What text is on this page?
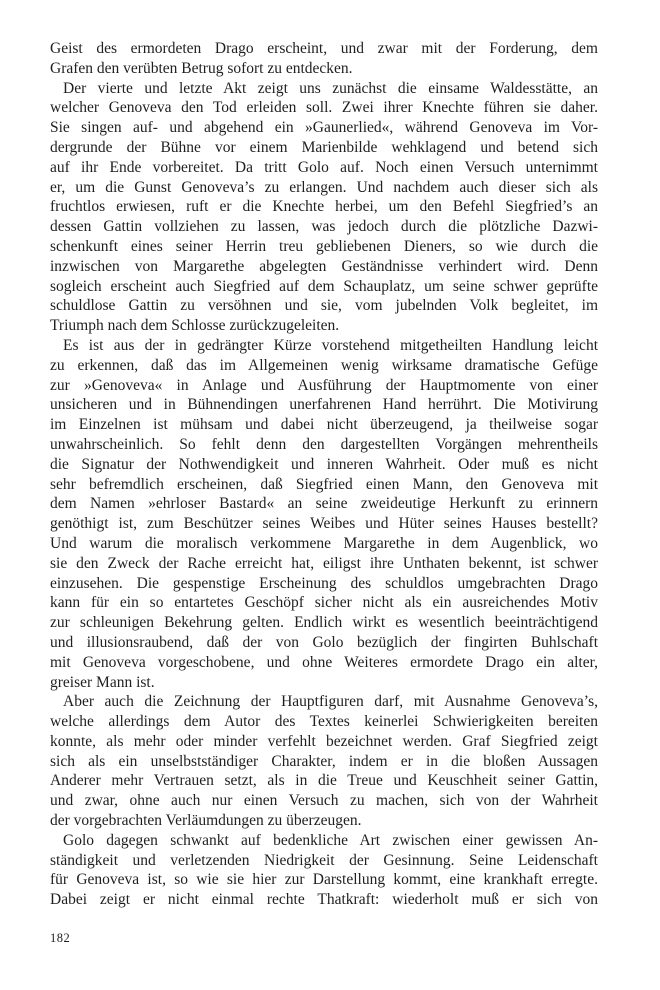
Geist des ermordeten Drago erscheint, und zwar mit der Forderung, dem
Grafen den verübten Betrug sofort zu entdecken.
Der vierte und letzte Akt zeigt uns zunächst die einsame Waldesstätte, an
welcher Genoveva den Tod erleiden soll. Zwei ihrer Knechte führen sie daher.
Sie singen auf- und abgehend ein »Gaunerlied«, während Genoveva im Vor-
dergrunde der Bühne vor einem Marienbilde wehklagend und betend sich
auf ihr Ende vorbereitet. Da tritt Golo auf. Noch einen Versuch unternimmt
er, um die Gunst Genoveva’s zu erlangen. Und nachdem auch dieser sich als
fruchtlos erwiesen, ruft er die Knechte herbei, um den Befehl Siegfried’s an
dessen Gattin vollziehen zu lassen, was jedoch durch die plötzliche Dazwi-
schenkunft eines seiner Herrin treu gebliebenen Dieners, so wie durch die
inzwischen von Margarethe abgelegten Geständnisse verhindert wird. Denn
sogleich erscheint auch Siegfried auf dem Schauplatz, um seine schwer geprüfte
schuldlose Gattin zu versöhnen und sie, vom jubelnden Volk begleitet, im
Triumph nach dem Schlosse zurückzugeleiten.
Es ist aus der in gedrängter Kürze vorstehend mitgetheilten Handlung leicht
zu erkennen, daß das im Allgemeinen wenig wirksame dramatische Gefüge
zur »Genoveva« in Anlage und Ausführung der Hauptmomente von einer
unsicheren und in Bühnendingen unerfahrenen Hand herrührt. Die Motivirung
im Einzelnen ist mühsam und dabei nicht überzeugend, ja theilweise sogar
unwahrscheinlich. So fehlt denn den dargestellten Vorgängen mehrentheils
die Signatur der Nothwendigkeit und inneren Wahrheit. Oder muß es nicht
sehr befremdlich erscheinen, daß Siegfried einen Mann, den Genoveva mit
dem Namen »ehrloser Bastard« an seine zweideutige Herkunft zu erinnern
genöthigt ist, zum Beschützer seines Weibes und Hüter seines Hauses bestellt?
Und warum die moralisch verkommene Margarethe in dem Augenblick, wo
sie den Zweck der Rache erreicht hat, eiligst ihre Unthaten bekennt, ist schwer
einzusehen. Die gespenstige Erscheinung des schuldlos umgebrachten Drago
kann für ein so entartetes Geschöpf sicher nicht als ein ausreichendes Motiv
zur schleunigen Bekehrung gelten. Endlich wirkt es wesentlich beeinträchtigend
und illusionsraubend, daß der von Golo bezüglich der fingirten Buhlschaft
mit Genoveva vorgeschobene, und ohne Weiteres ermordete Drago ein alter,
greiser Mann ist.
Aber auch die Zeichnung der Hauptfiguren darf, mit Ausnahme Genoveva’s,
welche allerdings dem Autor des Textes keinerlei Schwierigkeiten bereiten
konnte, als mehr oder minder verfehlt bezeichnet werden. Graf Siegfried zeigt
sich als ein unselbstständiger Charakter, indem er in die bloßen Aussagen
Anderer mehr Vertrauen setzt, als in die Treue und Keuschheit seiner Gattin,
und zwar, ohne auch nur einen Versuch zu machen, sich von der Wahrheit
der vorgebrachten Verläumdungen zu überzeugen.
Golo dagegen schwankt auf bedenkliche Art zwischen einer gewissen An-
ständigkeit und verletzenden Niedrigkeit der Gesinnung. Seine Leidenschaft
für Genoveva ist, so wie sie hier zur Darstellung kommt, eine krankhaft erregte.
Dabei zeigt er nicht einmal rechte Thatkraft: wiederholt muß er sich von
182
